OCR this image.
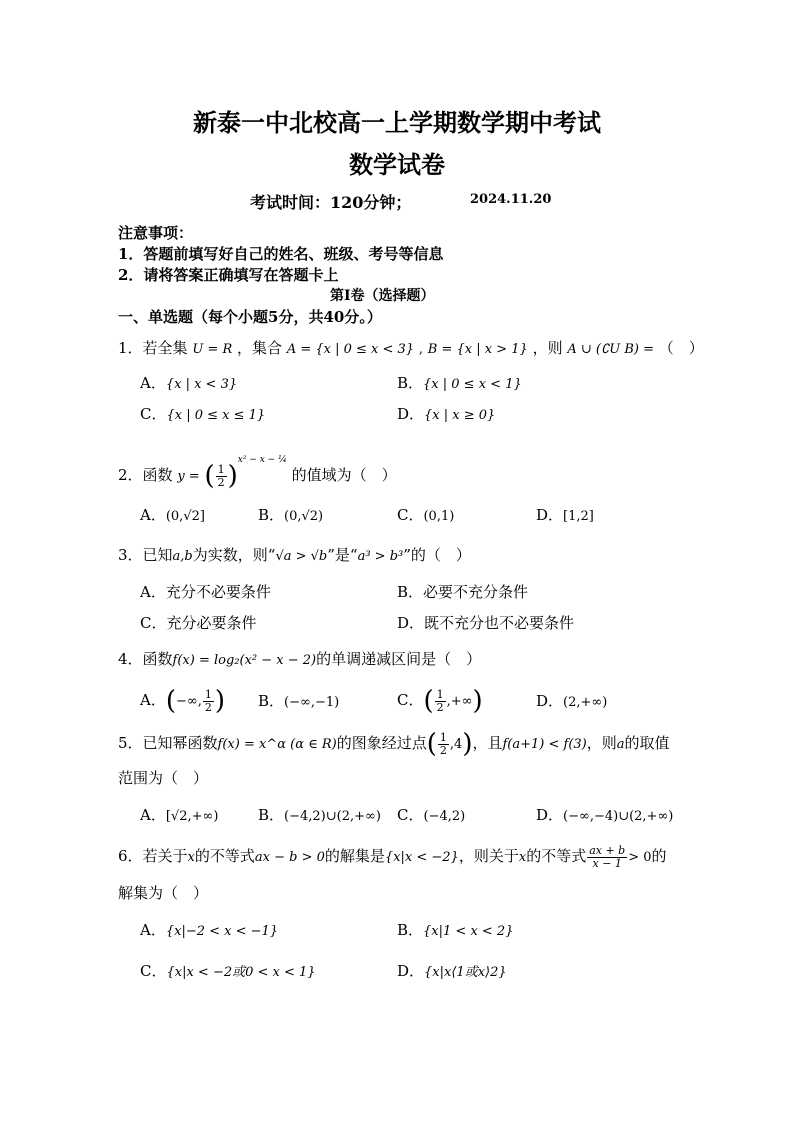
新泰一中北校高一上学期数学期中考试
数学试卷
考试时间：120分钟；	2024.11.20
注意事项：
1．答题前填写好自己的姓名、班级、考号等信息
2．请将答案正确填写在答题卡上
第I卷（选择题）
一、单选题（每个小题5分，共40分。）
1．若全集 U = R ，集合 A = {x | 0 ≤ x < 3} , B = {x | x > 1} ，则 A ∪ (∁U B) = （　）
A．{x | x < 3}	B．{x | 0 ≤ x < 1}
C．{x | 0 ≤ x ≤ 1}	D．{x | x ≥ 0}
2．函数 y = ( $\frac{1}{2} )^{x^2 - x - \frac{1}{4}}$ 的值域为（　）
A．(0,√2]	B．(0,√2)	C．(0,1)	D．[1,2]
3．已知a,b为实数，则“√a > √b”是“a³ > b³”的（　）
A．充分不必要条件	B．必要不充分条件
C．充分必要条件	D．既不充分也不必要条件
4．函数f(x) = log₂(x² − x − 2)的单调递减区间是（　）
A．(−∞, $\frac{1}{2}$ ) B．(−∞,−1)	C．( $\frac{1}{2}$ ,+∞)	D．(2,+∞)
5．已知幂函数f(x) = x^α (α ∈ R)的图象经过点( $\frac{1}{2} ,4$)，且f(a+1) < f(3)，则a的取值
范围为（　）
A．[√2,+∞)	B．(−4,2)∪(2,+∞) C．(−4,2)	D．(−∞,−4)∪(2,+∞)
6．若关于x的不等式ax − b > 0的解集是{x|x < −2}，则关于x的不等式 $\frac{ax + b}{x - 1} > 0$的
解集为（　）
A．{x|−2 < x < −1}	B．{x|1 < x < 2}
C．{x|x < −2或0 < x < 1}	D．{x|x⟨1或x⟩2}
